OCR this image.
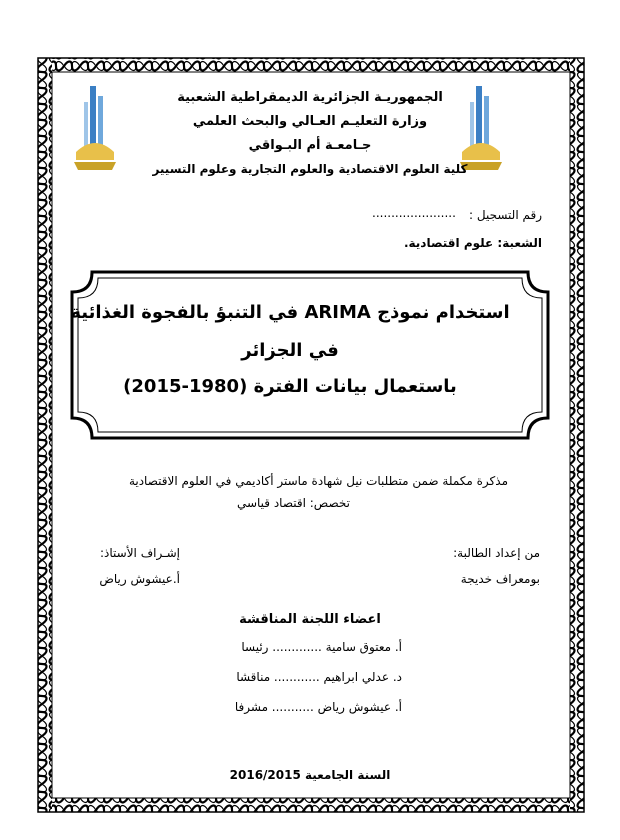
الجمهوريـة الجزائرية الديمقراطية الشعبية
وزارة التعليـم العـالي والبحث العلمي
جـامعـة أم البـواقي
كلية العلوم الاقتصادية والعلوم التجارية وعلوم التسيير
رقم التسجيل :
......................
الشعبة: علوم اقتصادية.
استخدام نموذج ARIMA في التنبؤ بالفجوة الغذائية
في الجزائر
باستعمال بيانات الفترة (1980-2015)
مذكرة مكملة ضمن متطلبات نيل شهادة ماستر أكاديمي في العلوم الاقتصادية
تخصص: اقتصاد قياسي
من إعداد الطالبة:
بومعراف خديجة
إشـراف الأستاذ:
أ.عيشوش رياض
اعضاء اللجنة المناقشة
أ. معتوق سامية ............. رئيسا
د. عدلي ابراهيم ............ مناقشا
أ. عيشوش رياض ........... مشرفا
السنة الجامعية 2016/2015
